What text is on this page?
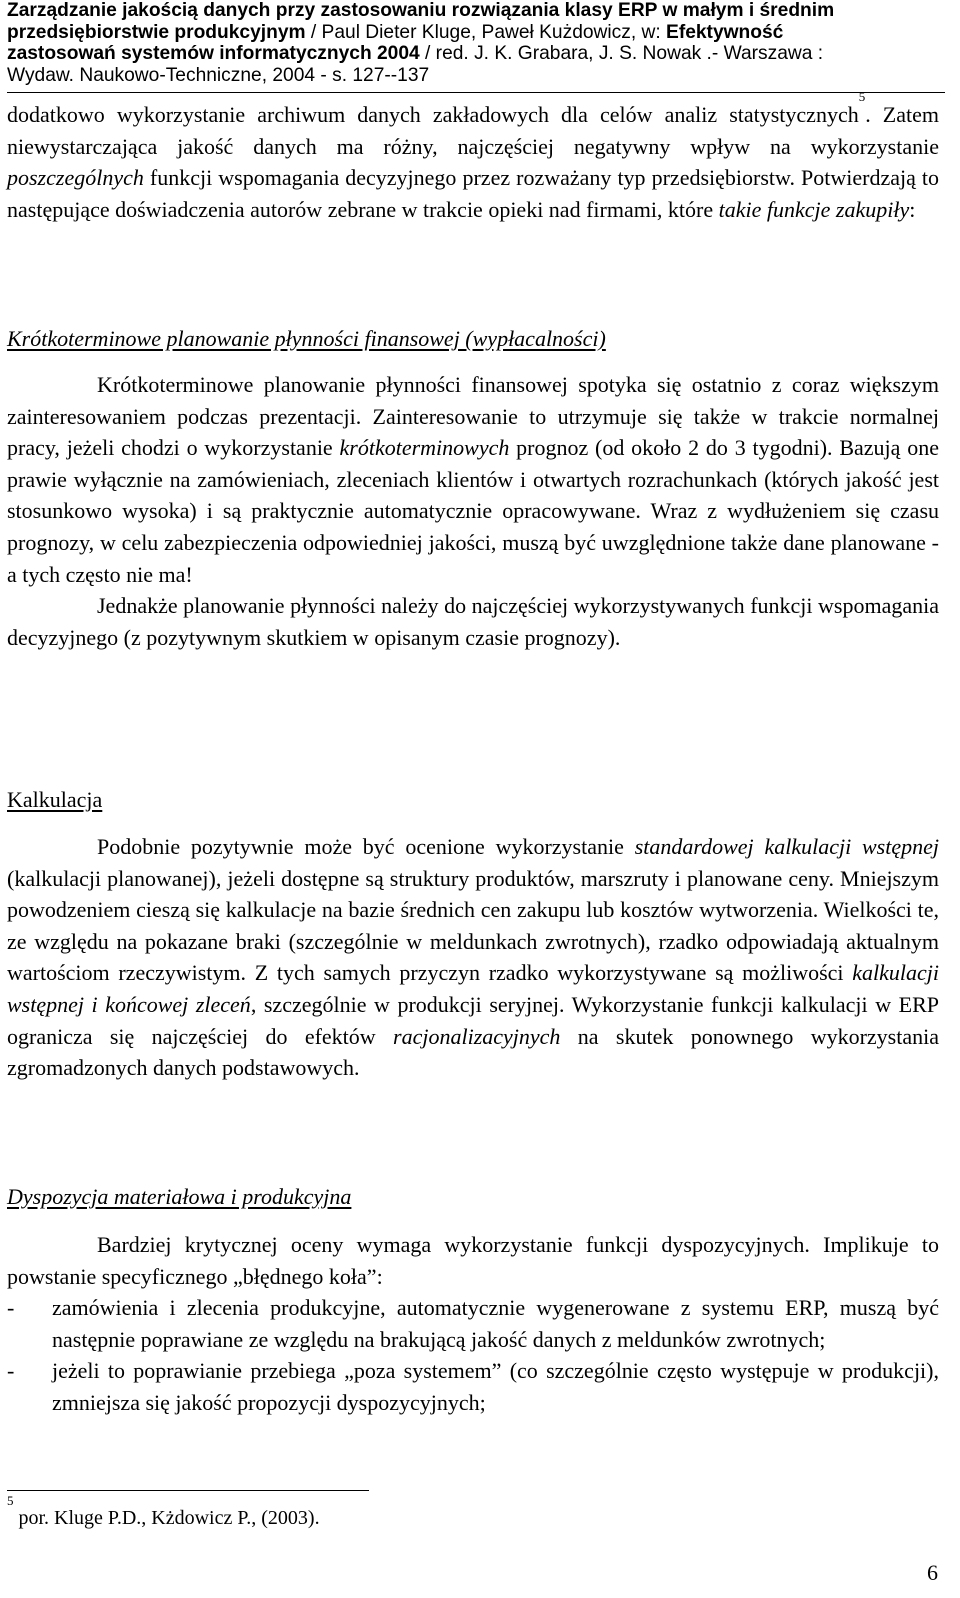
Zarządzanie jakością danych przy zastosowaniu rozwiązania klasy ERP w małym i średnim
przedsiębiorstwie produkcyjnym / Paul Dieter Kluge, Paweł Kużdowicz, w: Efektywność
zastosowań systemów informatycznych 2004 / red. J. K. Grabara, J. S. Nowak .- Warszawa :
Wydaw. Naukowo-Techniczne, 2004 - s. 127--137
dodatkowo wykorzystanie archiwum danych zakładowych dla celów analiz statystycznych$^5$. Zatem niewystarczająca jakość danych ma różny, najczęściej negatywny wpływ na wykorzystanie poszczególnych funkcji wspomagania decyzyjnego przez rozważany typ przedsiębiorstw. Potwierdzają to następujące doświadczenia autorów zebrane w trakcie opieki nad firmami, które takie funkcje zakupiły:
Krótkoterminowe planowanie płynności finansowej (wypłacalności)

Krótkoterminowe planowanie płynności finansowej spotyka się ostatnio z coraz większym zainteresowaniem podczas prezentacji. Zainteresowanie to utrzymuje się także w trakcie normalnej pracy, jeżeli chodzi o wykorzystanie krótkoterminowych prognoz (od około 2 do 3 tygodni). Bazują one prawie wyłącznie na zamówieniach, zleceniach klientów i otwartych rozrachunkach (których jakość jest stosunkowo wysoka) i są praktycznie automatycznie opracowywane. Wraz z wydłużeniem się czasu prognozy, w celu zabezpieczenia odpowiedniej jakości, muszą być uwzględnione także dane planowane - a tych często nie ma!

Jednakże planowanie płynności należy do najczęściej wykorzystywanych funkcji wspomagania decyzyjnego (z pozytywnym skutkiem w opisanym czasie prognozy).

Kalkulacja
Podobnie pozytywnie może być ocenione wykorzystanie standardowej kalkulacji wstępnej (kalkulacji planowanej), jeżeli dostępne są struktury produktów, marszruty i planowane ceny. Mniejszym powodzeniem cieszą się kalkulacje na bazie średnich cen zakupu lub kosztów wytworzenia. Wielkości te, ze względu na pokazane braki (szczególnie w meldunkach zwrotnych), rzadko odpowiadają aktualnym wartościom rzeczywistym. Z tych samych przyczyn rzadko wykorzystywane są możliwości kalkulacji wstępnej i końcowej zleceń, szczególnie w produkcji seryjnej. Wykorzystanie funkcji kalkulacji w ERP ogranicza się najczęściej do efektów racjonalizacyjnych na skutek ponownego wykorzystania zgromadzonych danych podstawowych.
Dyspozycja materiałowa i produkcyjna
Bardziej krytycznej oceny wymaga wykorzystanie funkcji dyspozycyjnych. Implikuje to powstanie specyficznego „błędnego koła”:
- zamówienia i zlecenia produkcyjne, automatycznie wygenerowane z systemu ERP, muszą być następnie poprawiane ze względu na brakującą jakość danych z meldunków zwrotnych;
- jeżeli to poprawianie przebiega „poza systemem” (co szczególnie często występuje w produkcji), zmniejsza się jakość propozycji dyspozycyjnych;
$^5$ por. Kluge P.D., Kżdowicz P., (2003).
6
